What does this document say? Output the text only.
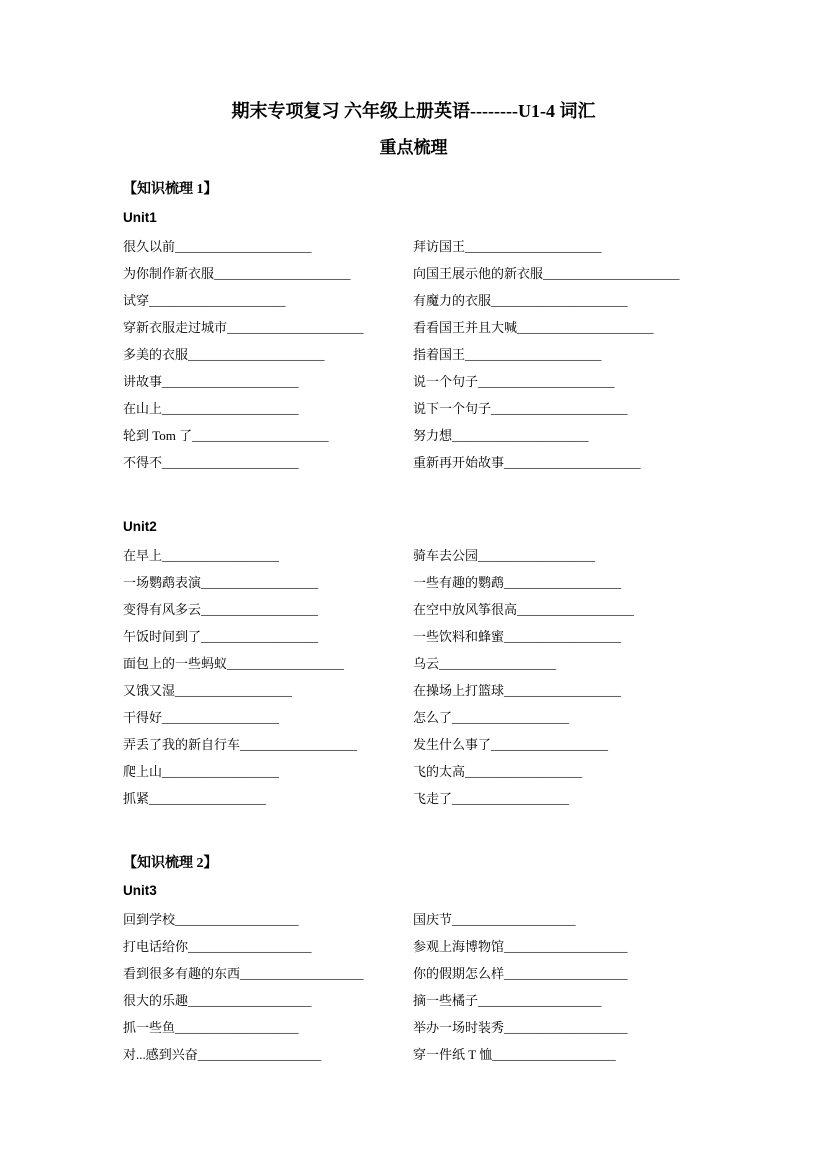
期末专项复习 六年级上册英语--------U1-4 词汇
重点梳理
【知识梳理 1】
Unit1
很久以前_____________________	拜访国王_____________________
为你制作新衣服_____________________	向国王展示他的新衣服_____________________
试穿_____________________	有魔力的衣服_____________________
穿新衣服走过城市_____________________	看看国王并且大喊_____________________
多美的衣服_____________________	指着国王_____________________
讲故事_____________________	说一个句子_____________________
在山上_____________________	说下一个句子_____________________
轮到 Tom 了_____________________	努力想_____________________
不得不_____________________	重新再开始故事_____________________
Unit2
在早上__________________	骑车去公园__________________
一场鹦鹉表演__________________	一些有趣的鹦鹉__________________
变得有风多云__________________	在空中放风筝很高__________________
午饭时间到了__________________	一些饮料和蜂蜜__________________
面包上的一些蚂蚁__________________	乌云__________________
又饿又湿__________________	在操场上打篮球__________________
干得好__________________	怎么了__________________
弄丢了我的新自行车__________________	发生什么事了__________________
爬上山__________________	飞的太高__________________
抓紧__________________	飞走了__________________
【知识梳理 2】
Unit3
回到学校___________________	国庆节___________________
打电话给你___________________	参观上海博物馆___________________
看到很多有趣的东西___________________	你的假期怎么样___________________
很大的乐趣___________________	摘一些橘子___________________
抓一些鱼___________________	举办一场时装秀___________________
对...感到兴奋___________________	穿一件纸 T 恤___________________
